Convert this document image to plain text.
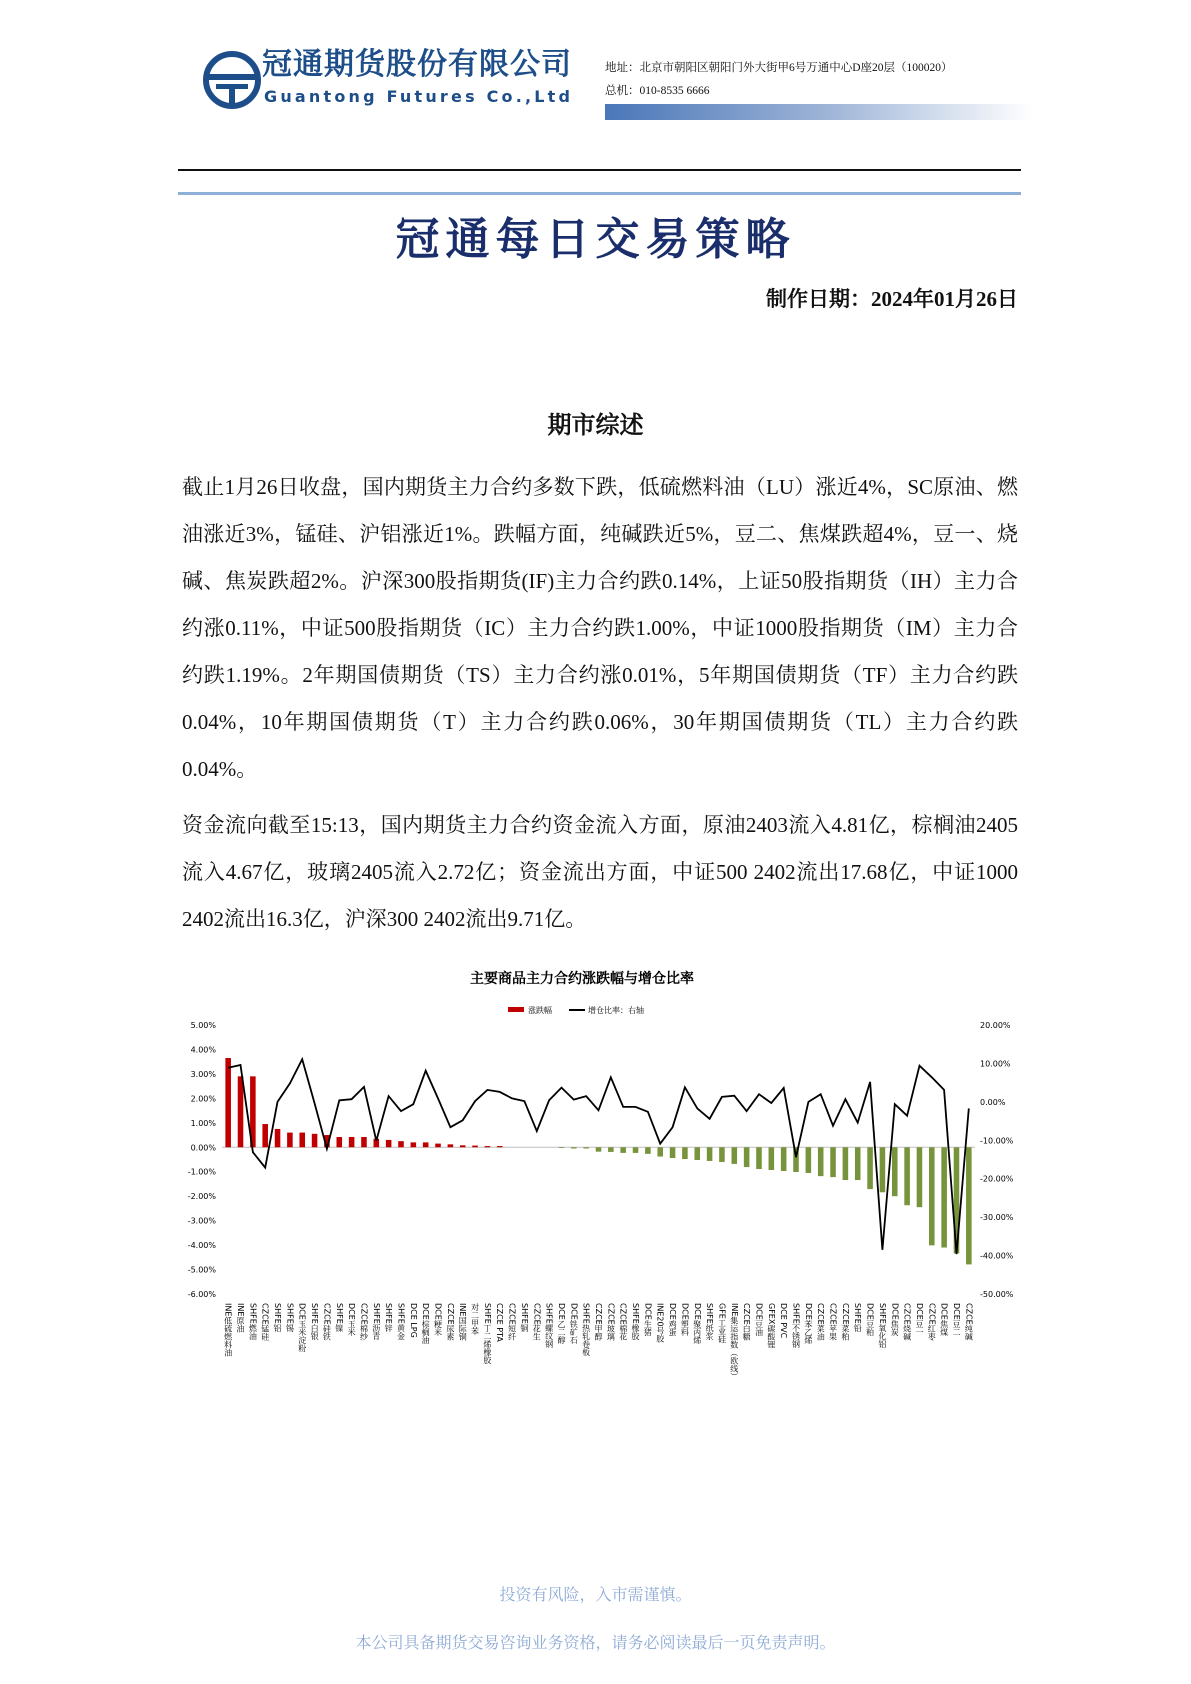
冠通期货股份有限公司
Guantong Futures Co.,Ltd
地址：北京市朝阳区朝阳门外大街甲6号万通中心D座20层（100020）
总机：010-8535 6666
冠通每日交易策略
制作日期：2024年01月26日
期市综述

截止1月26日收盘，国内期货主力合约多数下跌，低硫燃料油（LU）涨近4%，SC原油、燃油涨近3%，锰硅、沪铝涨近1%。跌幅方面，纯碱跌近5%，豆二、焦煤跌超4%，豆一、烧碱、焦炭跌超2%。沪深300股指期货(IF)主力合约跌0.14%，上证50股指期货（IH）主力合约涨0.11%，中证500股指期货（IC）主力合约跌1.00%，中证1000股指期货（IM）主力合约跌1.19%。2年期国债期货（TS）主力合约涨0.01%，5年期国债期货（TF）主力合约跌0.04%，10年期国债期货（T）主力合约跌0.06%，30年期国债期货（TL）主力合约跌0.04%。

资金流向截至15:13，国内期货主力合约资金流入方面，原油2403流入4.81亿，棕榈油2405流入4.67亿，玻璃2405流入2.72亿；资金流出方面，中证500 2402流出17.68亿，中证1000 2402流出16.3亿，沪深300 2402流出9.71亿。

主要商品主力合约涨跌幅与增仓比率
涨跌幅	增仓比率：右轴
5.00%
4.00%
3.00%
2.00%
1.00%
0.00%
-1.00%
-2.00%
-3.00%
-4.00%
-5.00%
-6.00%
20.00%
10.00%
0.00%
-10.00%
-20.00%
-30.00%
-40.00%
-50.00%
INE低硫燃料油 INE原油 SHFE燃油 CZCE锰硅 SHFE铝 SHFE锡 DCE玉米淀粉 SHFE白银 CZCE硅铁 SHFE镍 DCE玉米 CZCE棉纱 SHFE沥青 SHFE锌 SHFE黄金 DCE LPG DCE棕榈油 DCE粳米 CZCE尿素 INE国际铜 对二甲苯 SHFE丁二烯橡胶 CZCE PTA CZCE短纤 SHFE铜 CZCE花生 SHFE螺纹钢 DCE乙二醇 DCE铁矿石 SHFE热轧卷板 CZCE甲醇 CZCE玻璃 CZCE棉花 SHFE橡胶 DCE生猪 INE20号胶 DCE鸡蛋 DCE塑料 DCE聚丙烯 SHFE纸浆 GFE工业硅 INE集运指数（欧线） CZCE白糖 DCE豆油 GFEX碳酸锂 DCE PVC SHFE不锈钢 DCE苯乙烯 CZCE菜油 CZCE苹果 CZCE菜粕 SHFE铅 DCE豆粕 SHFE氧化铝 DCE焦炭 CZCE烧碱 DCE豆一 CZCE红枣 DCE焦煤 DCE豆二 CZCE纯碱
投资有风险，入市需谨慎。
本公司具备期货交易咨询业务资格，请务必阅读最后一页免责声明。
